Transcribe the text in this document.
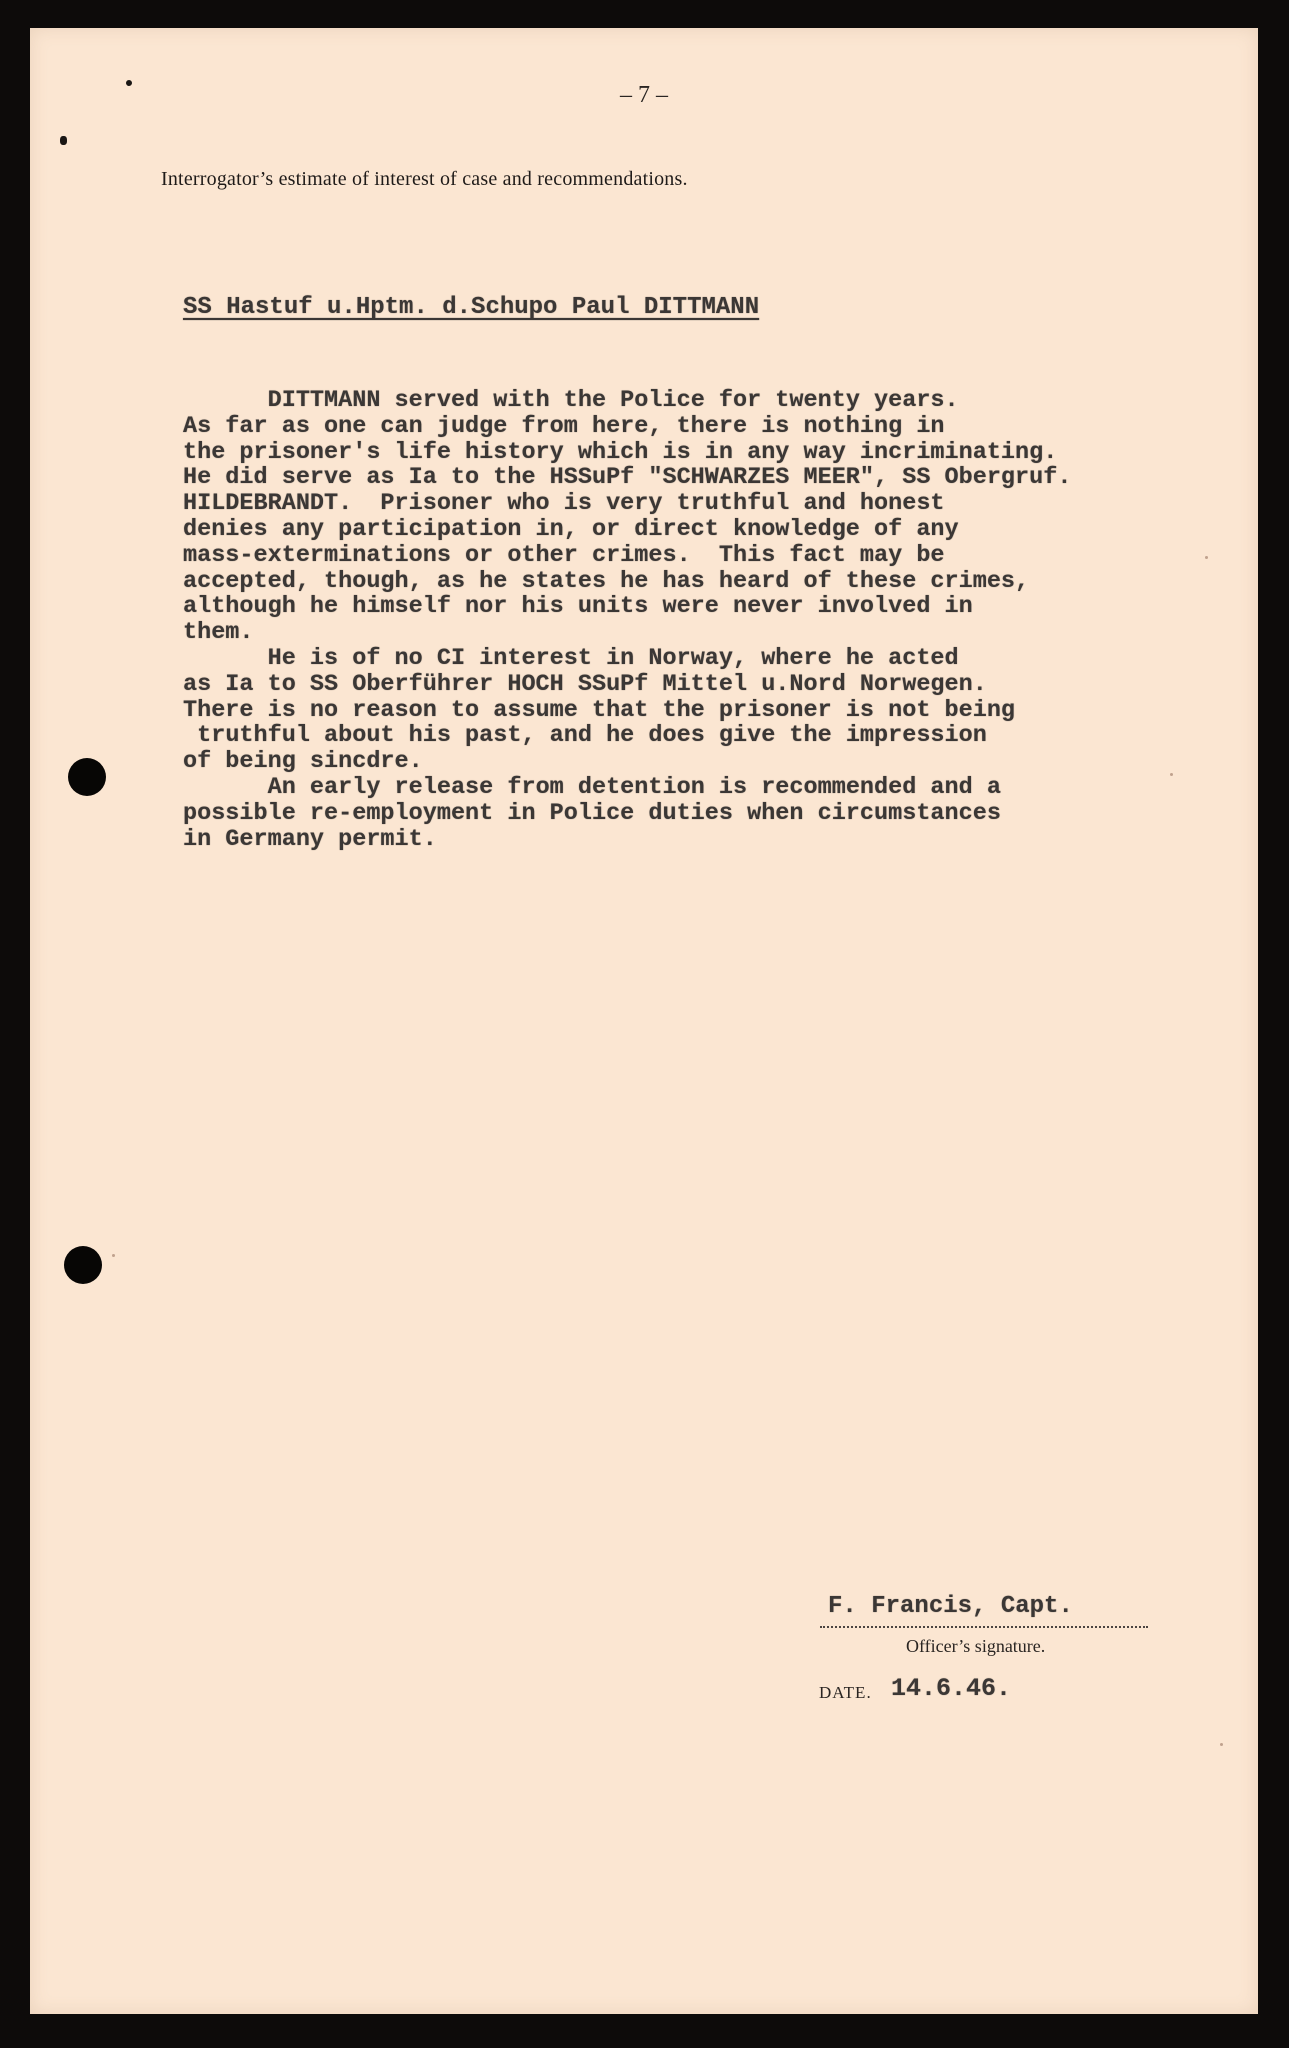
– 7 –
Interrogator’s estimate of interest of case and recommendations.
SS Hastuf u.Hptm. d.Schupo Paul DITTMANN

DITTMANN served with the Police for twenty years.
As far as one can judge from here, there is nothing in
the prisoner's life history which is in any way incriminating.
He did serve as Ia to the HSSuPf "SCHWARZES MEER", SS Obergruf.
HILDEBRANDT.  Prisoner who is very truthful and honest
denies any participation in, or direct knowledge of any
mass-exterminations or other crimes.  This fact may be
accepted, though, as he states he has heard of these crimes,
although he himself nor his units were never involved in
them.

He is of no CI interest in Norway, where he acted
as Ia to SS Oberführer HOCH SSuPf Mittel u.Nord Norwegen.
There is no reason to assume that the prisoner is not being
truthful about his past, and he does give the impression
of being sincdre.

An early release from detention is recommended and a
possible re-employment in Police duties when circumstances
in Germany permit.

F. Francis, Capt.
Officer’s signature.
DATE. 14.6.46.
